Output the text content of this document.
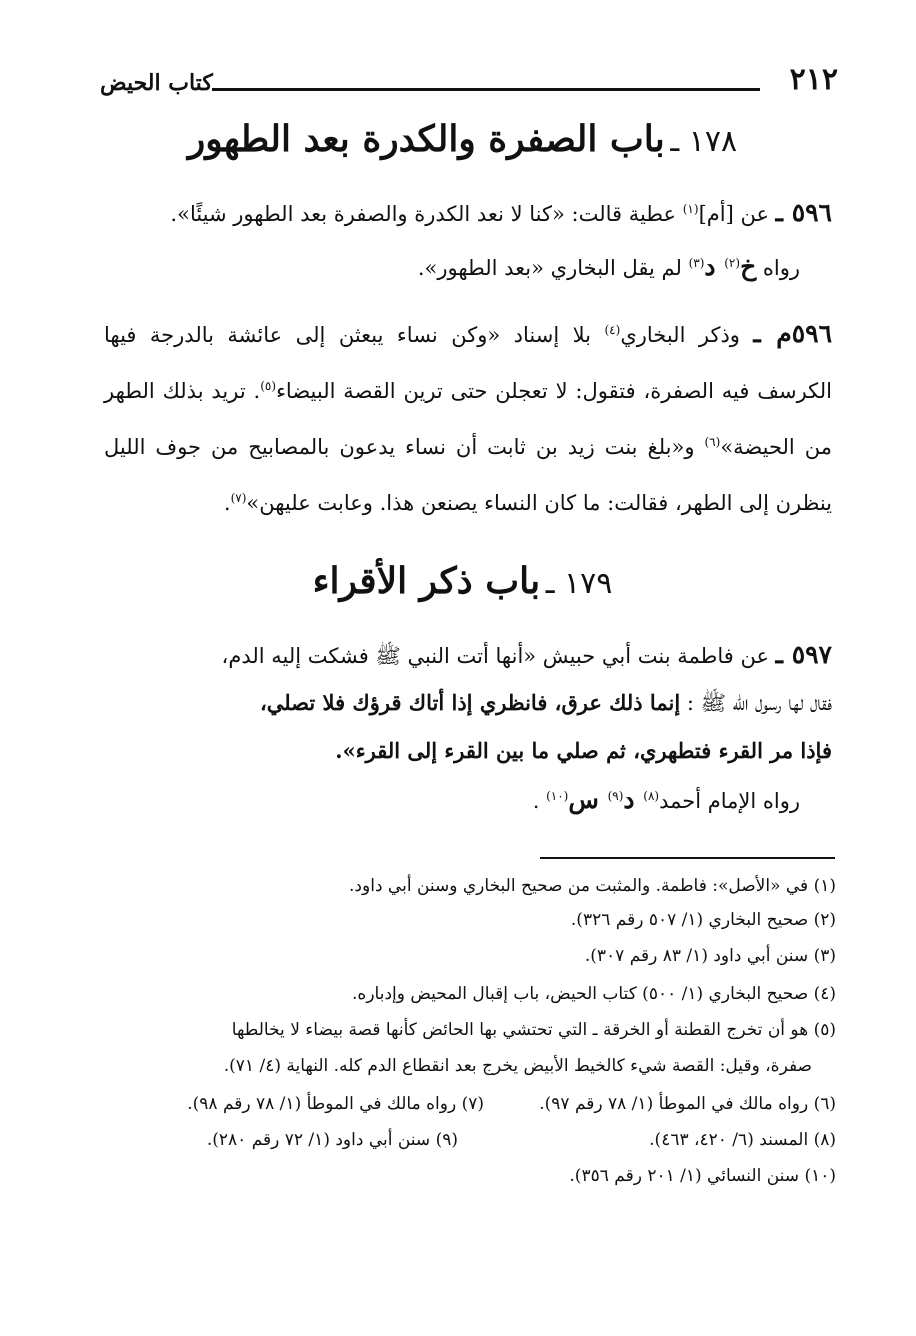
٢١٢
كتاب الحيض
١٧٨ ـ باب الصفرة والكدرة بعد الطهور
٥٩٦ ـ عن [أم]$^{(١)}$ عطية قالت: «كنا لا نعد الكدرة والصفرة بعد الطهور شيئًا».
رواه خ$^{(٢)}$ د$^{(٣)}$ لم يقل البخاري «بعد الطهور».
٥٩٦م ـ وذكر البخاري$^{(٤)}$ بلا إسناد «وكن نساء يبعثن إلى عائشة بالدرجة فيها الكرسف فيه الصفرة، فتقول: لا تعجلن حتى ترين القصة البيضاء$^{(٥)}$. تريد بذلك الطهر من الحيضة»$^{(٦)}$ و«بلغ بنت زيد بن ثابت أن نساء يدعون بالمصابيح من جوف الليل ينظرن إلى الطهر، فقالت: ما كان النساء يصنعن هذا. وعابت عليهن»$^{(٧)}$.
١٧٩ ـ باب ذكر الأقراء
٥٩٧ ـ عن فاطمة بنت أبي حبيش «أنها أتت النبي ﷺ فشكت إليه الدم،
فقال لها رسول الله ﷺ : إنما ذلك عرق، فانظري إذا أتاك قرؤك فلا تصلي،
فإذا مر القرء فتطهري، ثم صلي ما بين القرء إلى القرء».
رواه الإمام أحمد$^{(٨)}$ د$^{(٩)}$ س$^{(١٠)}$ .
(١) في «الأصل»: فاطمة. والمثبت من صحيح البخاري وسنن أبي داود.
(٢) صحيح البخاري (١/ ٥٠٧ رقم ٣٢٦).
(٣) سنن أبي داود (١/ ٨٣ رقم ٣٠٧).
(٤) صحيح البخاري (١/ ٥٠٠) كتاب الحيض، باب إقبال المحيض وإدباره.
(٥) هو أن تخرج القطنة أو الخرقة ـ التي تحتشي بها الحائض كأنها قصة بيضاء لا يخالطها
صفرة، وقيل: القصة شيء كالخيط الأبيض يخرج بعد انقطاع الدم كله. النهاية (٤/ ٧١).
(٦) رواه مالك في الموطأ (١/ ٧٨ رقم ٩٧).
(٧) رواه مالك في الموطأ (١/ ٧٨ رقم ٩٨).
(٨) المسند (٦/ ٤٢٠، ٤٦٣).
(٩) سنن أبي داود (١/ ٧٢ رقم ٢٨٠).
(١٠) سنن النسائي (١/ ٢٠١ رقم ٣٥٦).
